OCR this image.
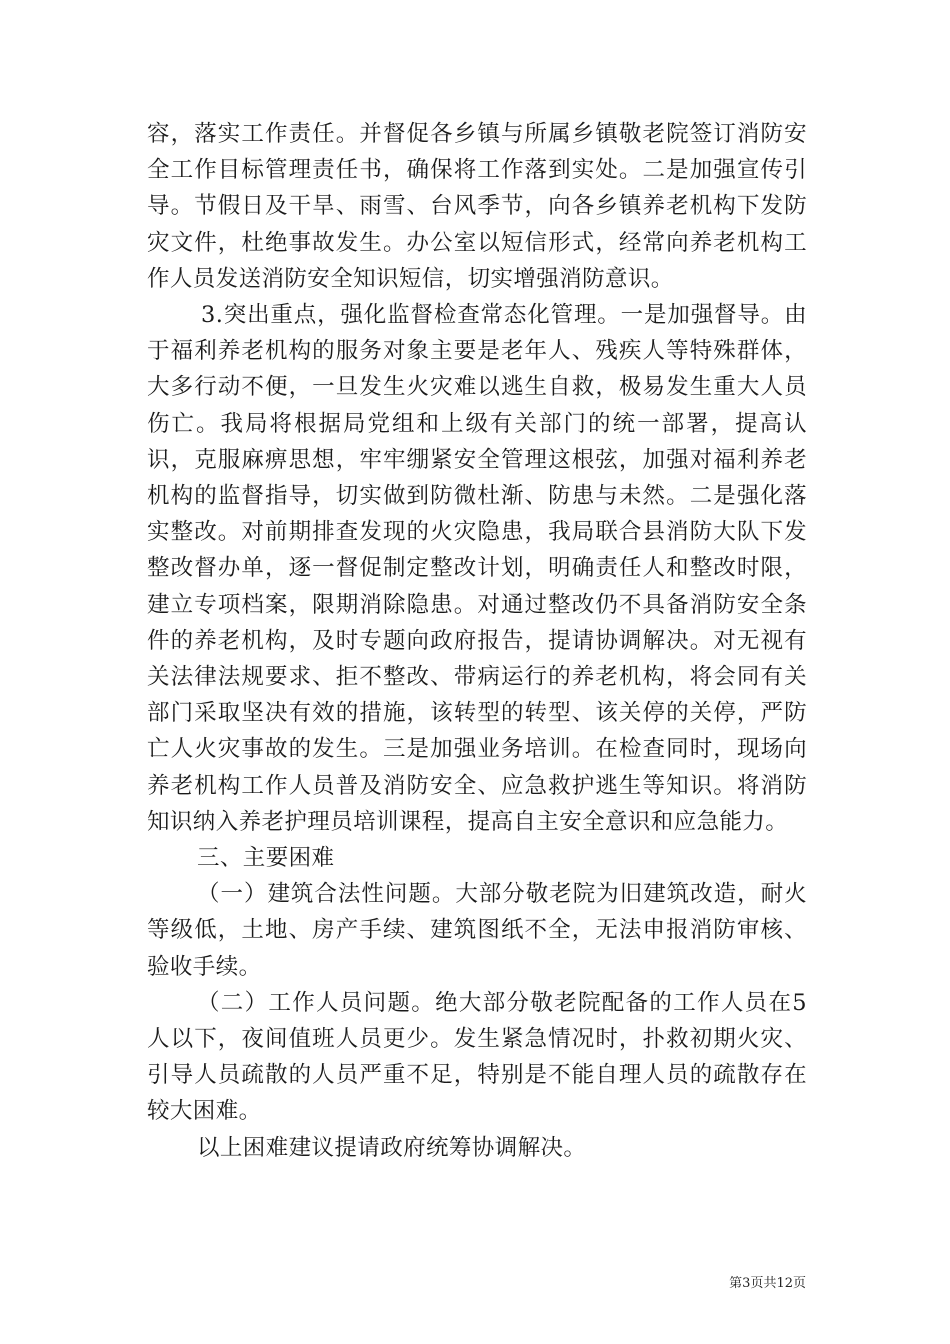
容，落实工作责任。并督促各乡镇与所属乡镇敬老院签订消防安全工作目标管理责任书，确保将工作落到实处。二是加强宣传引导。节假日及干旱、雨雪、台风季节，向各乡镇养老机构下发防灾文件，杜绝事故发生。办公室以短信形式，经常向养老机构工作人员发送消防安全知识短信，切实增强消防意识。

3.突出重点，强化监督检查常态化管理。一是加强督导。由于福利养老机构的服务对象主要是老年人、残疾人等特殊群体，大多行动不便，一旦发生火灾难以逃生自救，极易发生重大人员伤亡。我局将根据局党组和上级有关部门的统一部署，提高认识，克服麻痹思想，牢牢绷紧安全管理这根弦，加强对福利养老机构的监督指导，切实做到防微杜渐、防患与未然。二是强化落实整改。对前期排查发现的火灾隐患，我局联合县消防大队下发整改督办单，逐一督促制定整改计划，明确责任人和整改时限，建立专项档案，限期消除隐患。对通过整改仍不具备消防安全条件的养老机构，及时专题向政府报告，提请协调解决。对无视有关法律法规要求、拒不整改、带病运行的养老机构，将会同有关部门采取坚决有效的措施，该转型的转型、该关停的关停，严防亡人火灾事故的发生。三是加强业务培训。在检查同时，现场向养老机构工作人员普及消防安全、应急救护逃生等知识。将消防知识纳入养老护理员培训课程，提高自主安全意识和应急能力。

三、主要困难

（一）建筑合法性问题。大部分敬老院为旧建筑改造，耐火等级低，土地、房产手续、建筑图纸不全，无法申报消防审核、验收手续。

（二）工作人员问题。绝大部分敬老院配备的工作人员在5人以下，夜间值班人员更少。发生紧急情况时，扑救初期火灾、引导人员疏散的人员严重不足，特别是不能自理人员的疏散存在较大困难。

以上困难建议提请政府统筹协调解决。

第3页共12页
